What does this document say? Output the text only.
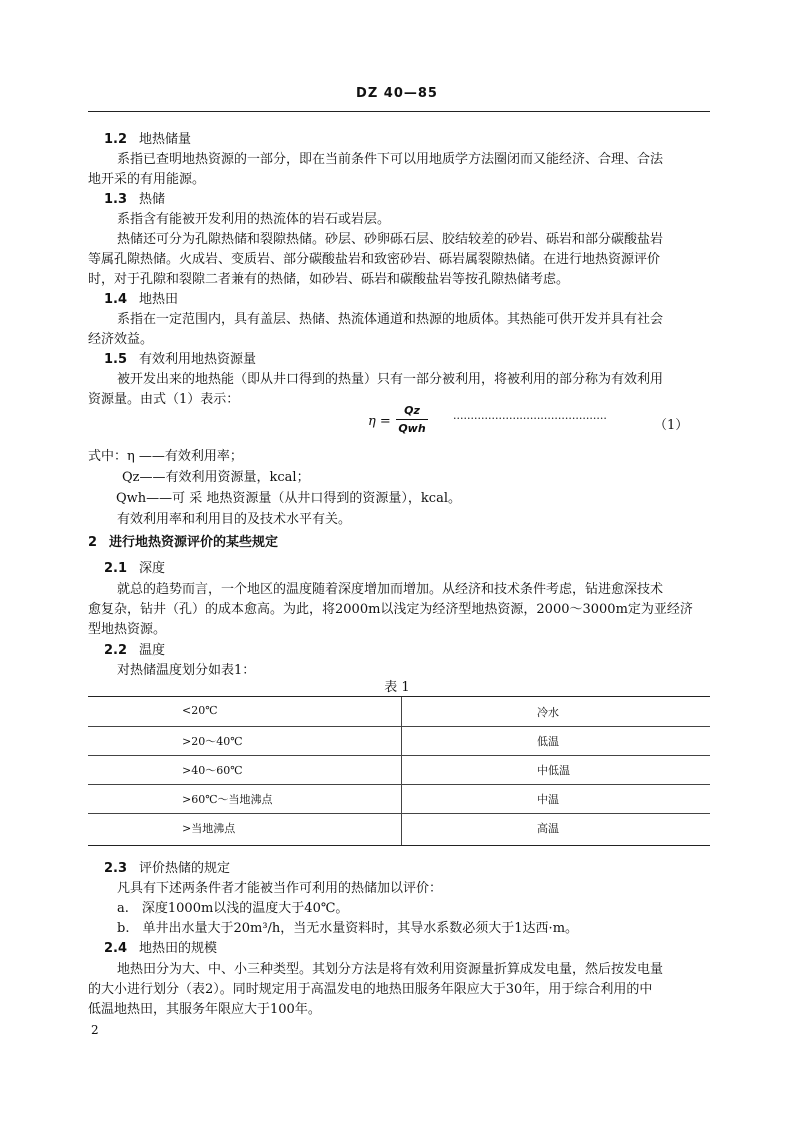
DZ 40—85
1.2 地热储量
系指已查明地热资源的一部分，即在当前条件下可以用地质学方法圈闭而又能经济、合理、合法
地开采的有用能源。
1.3 热储
系指含有能被开发利用的热流体的岩石或岩层。
热储还可分为孔隙热储和裂隙热储。砂层、砂卵砾石层、胶结较差的砂岩、砾岩和部分碳酸盐岩
等属孔隙热储。火成岩、变质岩、部分碳酸盐岩和致密砂岩、砾岩属裂隙热储。在进行地热资源评价
时，对于孔隙和裂隙二者兼有的热储，如砂岩、砾岩和碳酸盐岩等按孔隙热储考虑。
1.4 地热田
系指在一定范围内，具有盖层、热储、热流体通道和热源的地质体。其热能可供开发并具有社会
经济效益。
1.5 有效利用地热资源量
被开发出来的地热能（即从井口得到的热量）只有一部分被利用，将被利用的部分称为有效利用
资源量。由式（1）表示：
η =
Qz
Qwh
············································	（1）
式中：η ——有效利用率；
Qz——有效利用资源量，kcal；
Qwh——可 采 地热资源量（从井口得到的资源量），kcal。
有效利用率和利用目的及技术水平有关。
2 进行地热资源评价的某些规定
2.1 深度
就总的趋势而言，一个地区的温度随着深度增加而增加。从经济和技术条件考虑，钻进愈深技术
愈复杂，钻井（孔）的成本愈高。为此，将2000m以浅定为经济型地热资源，2000～3000m定为亚经济
型地热资源。
2.2 温度
对热储温度划分如表1：
表 1
<20℃	冷水
>20～40℃	低温
>40～60℃	中低温
>60℃～当地沸点	中温
>当地沸点	高温
2.3 评价热储的规定
凡具有下述两条件者才能被当作可利用的热储加以评价：
a.　深度1000m以浅的温度大于40℃。
b.　单井出水量大于20m³/h，当无水量资料时，其导水系数必须大于1达西·m。
2.4 地热田的规模
地热田分为大、中、小三种类型。其划分方法是将有效利用资源量折算成发电量，然后按发电量
的大小进行划分（表2）。同时规定用于高温发电的地热田服务年限应大于30年，用于综合利用的中
低温地热田，其服务年限应大于100年。
2
